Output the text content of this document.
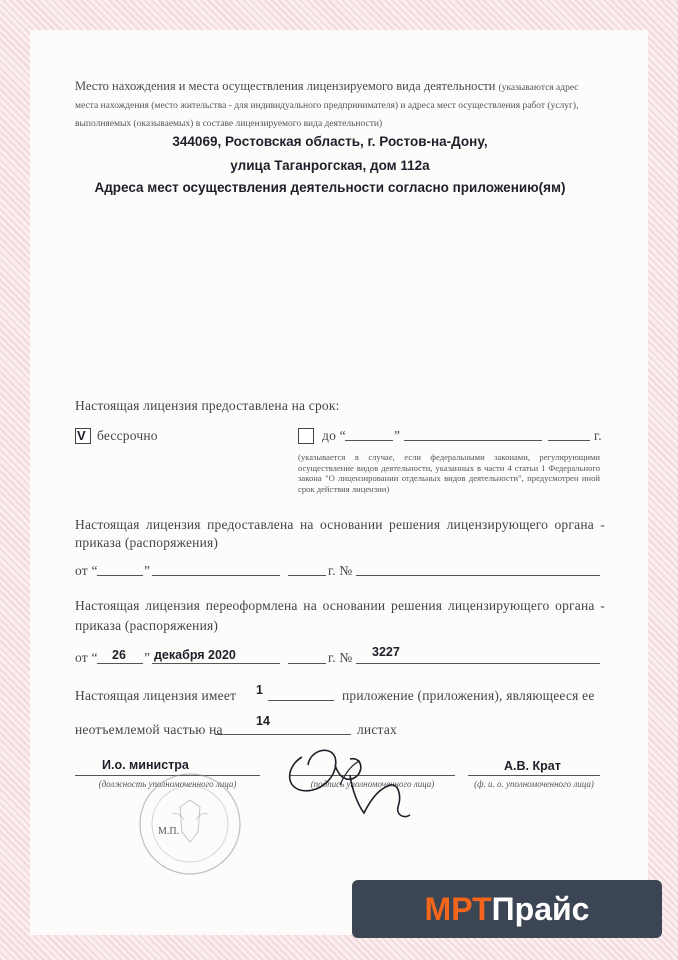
Место нахождения и места осуществления лицензируемого вида деятельности (указываются адрес
места нахождения (место жительства - для индивидуального предпринимателя) и адреса мест осуществления работ (услуг),
выполняемых (оказываемых) в составе лицензируемого вида деятельности)
344069, Ростовская область, г. Ростов-на-Дону,
улица Таганрогская, дом 112а
Адреса мест осуществления деятельности согласно приложению(ям)
Настоящая лицензия предоставлена на срок:
V бессрочно	до “	”	г.
(указывается в случае, если федеральными законами, регулирующими осуществление видов деятельности, указанных в части 4 статьи 1 Федерального закона "О лицензировании отдельных видов деятельности", предусмотрен иной срок действия лицензии)
Настоящая лицензия предоставлена на основании решения лицензирующего органа -
приказа (распоряжения)
от “	”	г. №
Настоящая лицензия переоформлена на основании решения лицензирующего органа -
приказа (распоряжения)
от “ 26 ” декабря 2020	г. № 3227
Настоящая лицензия имеет 1	приложение (приложения), являющееся ее
неотъемлемой частью на
14
листах
И.о. министра
(должность уполномоченного лица)	(подпись уполномоченного лица)
А.В. Крат
(ф. и. о. уполномоченного лица)
М.П.
МРТ Прайс
